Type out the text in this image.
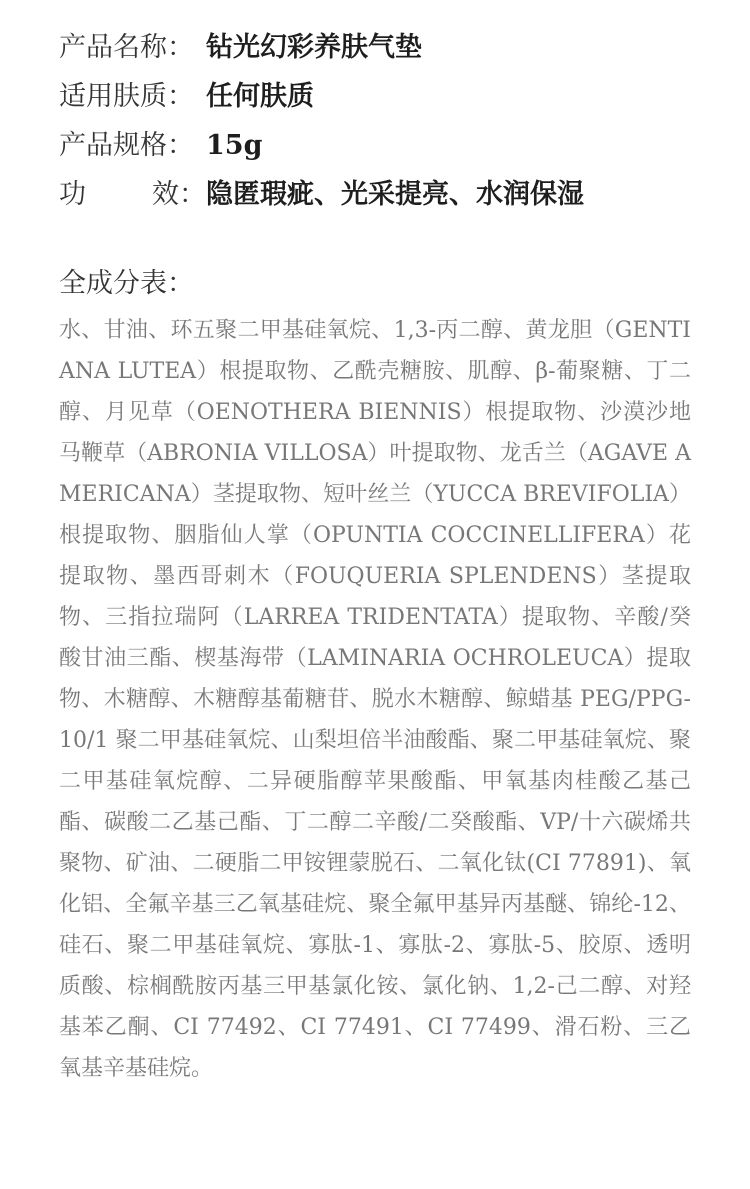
产品名称： 钻光幻彩养肤气垫
适用肤质： 任何肤质
产品规格： 15g
功 效： 隐匿瑕疵、光采提亮、水润保湿
全成分表：
水、甘油、环五聚二甲基硅氧烷、1,3-丙二醇、黄龙胆（GENTIANA LUTEA）根提取物、乙酰壳糖胺、肌醇、β-葡聚糖、丁二醇、月见草（OENOTHERA BIENNIS）根提取物、沙漠沙地马鞭草（ABRONIA VILLOSA）叶提取物、龙舌兰（AGAVE AMERICANA）茎提取物、短叶丝兰（YUCCA BREVIFOLIA）根提取物、胭脂仙人掌（OPUNTIA COCCINELLIFERA）花提取物、墨西哥刺木（FOUQUERIA SPLENDENS）茎提取物、三指拉瑞阿（LARREA TRIDENTATA）提取物、辛酸/癸酸甘油三酯、楔基海带（LAMINARIA OCHROLEUCA）提取物、木糖醇、木糖醇基葡糖苷、脱水木糖醇、鲸蜡基 PEG/PPG-10/1 聚二甲基硅氧烷、山梨坦倍半油酸酯、聚二甲基硅氧烷、聚二甲基硅氧烷醇、二异硬脂醇苹果酸酯、甲氧基肉桂酸乙基己酯、碳酸二乙基己酯、丁二醇二辛酸/二癸酸酯、VP/十六碳烯共聚物、矿油、二硬脂二甲铵锂蒙脱石、二氧化钛(CI 77891)、氧化铝、全氟辛基三乙氧基硅烷、聚全氟甲基异丙基醚、锦纶-12、硅石、聚二甲基硅氧烷、寡肽-1、寡肽-2、寡肽-5、胶原、透明质酸、棕榈酰胺丙基三甲基氯化铵、氯化钠、1,2-己二醇、对羟基苯乙酮、CI 77492、CI 77491、CI 77499、滑石粉、三乙氧基辛基硅烷。
